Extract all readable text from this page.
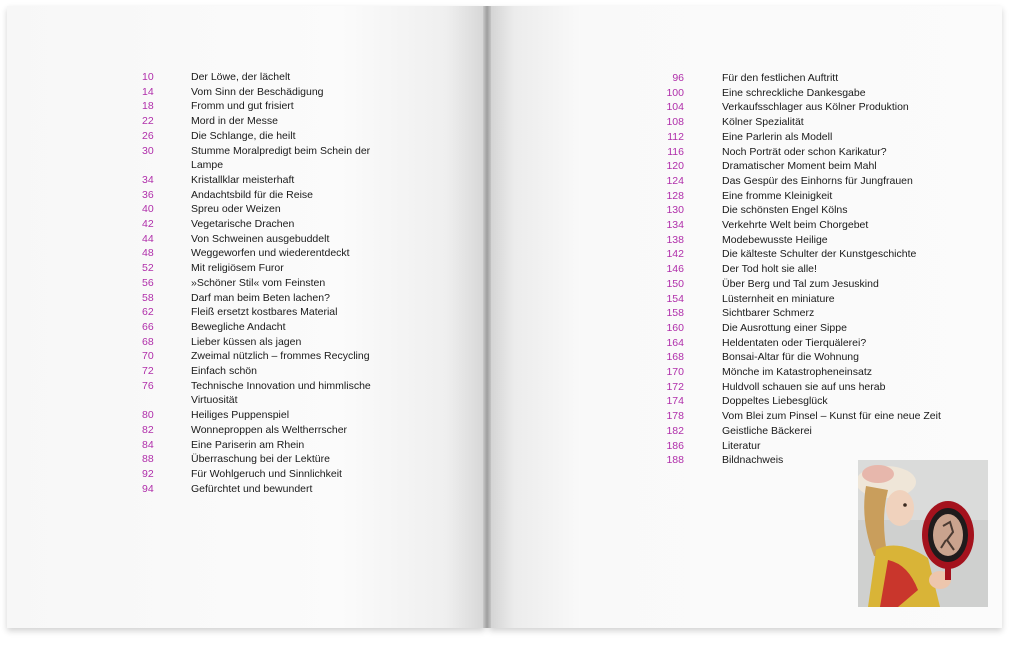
10	Der Löwe, der lächelt
14	Vom Sinn der Beschädigung
18	Fromm und gut frisiert
22	Mord in der Messe
26	Die Schlange, die heilt
30	Stumme Moralpredigt beim Schein der Lampe
34	Kristallklar meisterhaft
36	Andachtsbild für die Reise
40	Spreu oder Weizen
42	Vegetarische Drachen
44	Von Schweinen ausgebuddelt
48	Weggeworfen und wiederentdeckt
52	Mit religiösem Furor
56	»Schöner Stil« vom Feinsten
58	Darf man beim Beten lachen?
62	Fleiß ersetzt kostbares Material
66	Bewegliche Andacht
68	Lieber küssen als jagen
70	Zweimal nützlich – frommes Recycling
72	Einfach schön
76	Technische Innovation und himmlische Virtuosität
80	Heiliges Puppenspiel
82	Wonneproppen als Weltherrscher
84	Eine Pariserin am Rhein
88	Überraschung bei der Lektüre
92	Für Wohlgeruch und Sinnlichkeit
94	Gefürchtet und bewundert
96	Für den festlichen Auftritt
100	Eine schreckliche Dankesgabe
104	Verkaufsschlager aus Kölner Produktion
108	Kölner Spezialität
112	Eine Parlerin als Modell
116	Noch Porträt oder schon Karikatur?
120	Dramatischer Moment beim Mahl
124	Das Gespür des Einhorns für Jungfrauen
128	Eine fromme Kleinigkeit
130	Die schönsten Engel Kölns
134	Verkehrte Welt beim Chorgebet
138	Modebewusste Heilige
142	Die kälteste Schulter der Kunstgeschichte
146	Der Tod holt sie alle!
150	Über Berg und Tal zum Jesuskind
154	Lüsternheit en miniature
158	Sichtbarer Schmerz
160	Die Ausrottung einer Sippe
164	Heldentaten oder Tierquälerei?
168	Bonsai-Altar für die Wohnung
170	Mönche im Katastropheneinsatz
172	Huldvoll schauen sie auf uns herab
174	Doppeltes Liebesglück
178	Vom Blei zum Pinsel – Kunst für eine neue Zeit
182	Geistliche Bäckerei
186	Literatur
188	Bildnachweis
